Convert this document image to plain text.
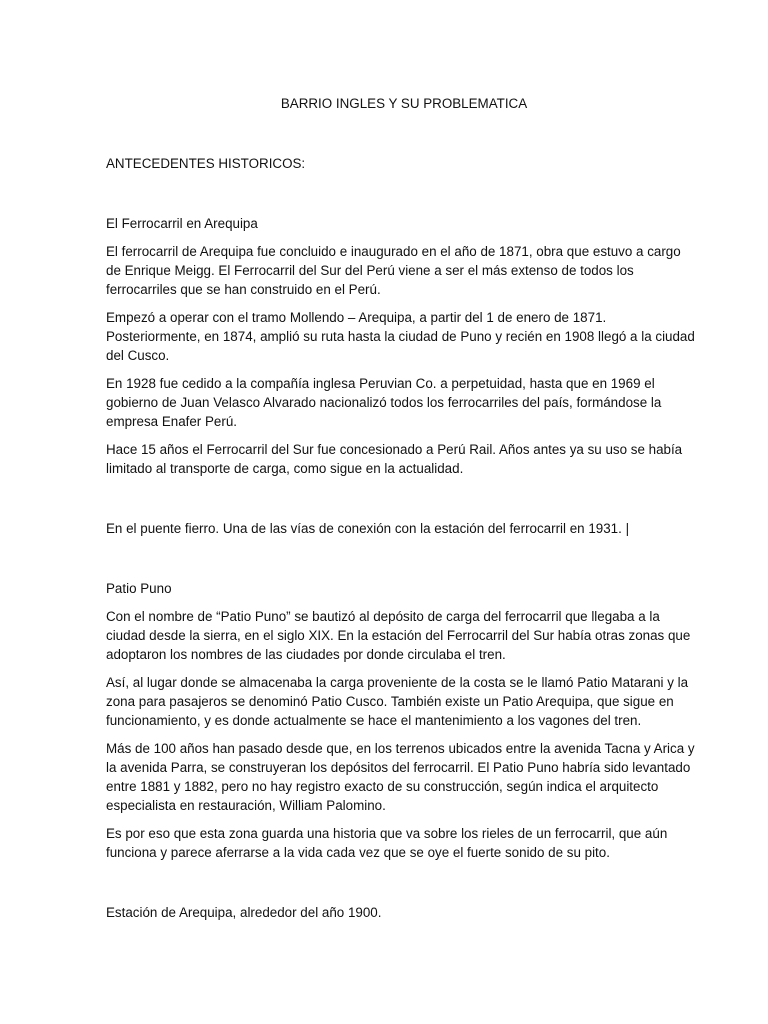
BARRIO INGLES Y SU PROBLEMATICA

ANTECEDENTES HISTORICOS:

El Ferrocarril en Arequipa

El ferrocarril de Arequipa fue concluido e inaugurado en el año de 1871, obra que estuvo a cargo

de Enrique Meigg. El Ferrocarril del Sur del Perú viene a ser el más extenso de todos los

ferrocarriles que se han construido en el Perú.

Empezó a operar con el tramo Mollendo – Arequipa, a partir del 1 de enero de 1871.

Posteriormente, en 1874, amplió su ruta hasta la ciudad de Puno y recién en 1908 llegó a la ciudad

del Cusco.

En 1928 fue cedido a la compañía inglesa Peruvian Co. a perpetuidad, hasta que en 1969 el

gobierno de Juan Velasco Alvarado nacionalizó todos los ferrocarriles del país, formándose la

empresa Enafer Perú.

Hace 15 años el Ferrocarril del Sur fue concesionado a Perú Rail. Años antes ya su uso se había

limitado al transporte de carga, como sigue en la actualidad.

En el puente fierro. Una de las vías de conexión con la estación del ferrocarril en 1931. |

Patio Puno

Con el nombre de “Patio Puno” se bautizó al depósito de carga del ferrocarril que llegaba a la

ciudad desde la sierra, en el siglo XIX. En la estación del Ferrocarril del Sur había otras zonas que

adoptaron los nombres de las ciudades por donde circulaba el tren.

Así, al lugar donde se almacenaba la carga proveniente de la costa se le llamó Patio Matarani y la

zona para pasajeros se denominó Patio Cusco. También existe un Patio Arequipa, que sigue en

funcionamiento, y es donde actualmente se hace el mantenimiento a los vagones del tren.

Más de 100 años han pasado desde que, en los terrenos ubicados entre la avenida Tacna y Arica y

la avenida Parra, se construyeran los depósitos del ferrocarril. El Patio Puno habría sido levantado

entre 1881 y 1882, pero no hay registro exacto de su construcción, según indica el arquitecto

especialista en restauración, William Palomino.

Es por eso que esta zona guarda una historia que va sobre los rieles de un ferrocarril, que aún

funciona y parece aferrarse a la vida cada vez que se oye el fuerte sonido de su pito.

Estación de Arequipa, alrededor del año 1900.
